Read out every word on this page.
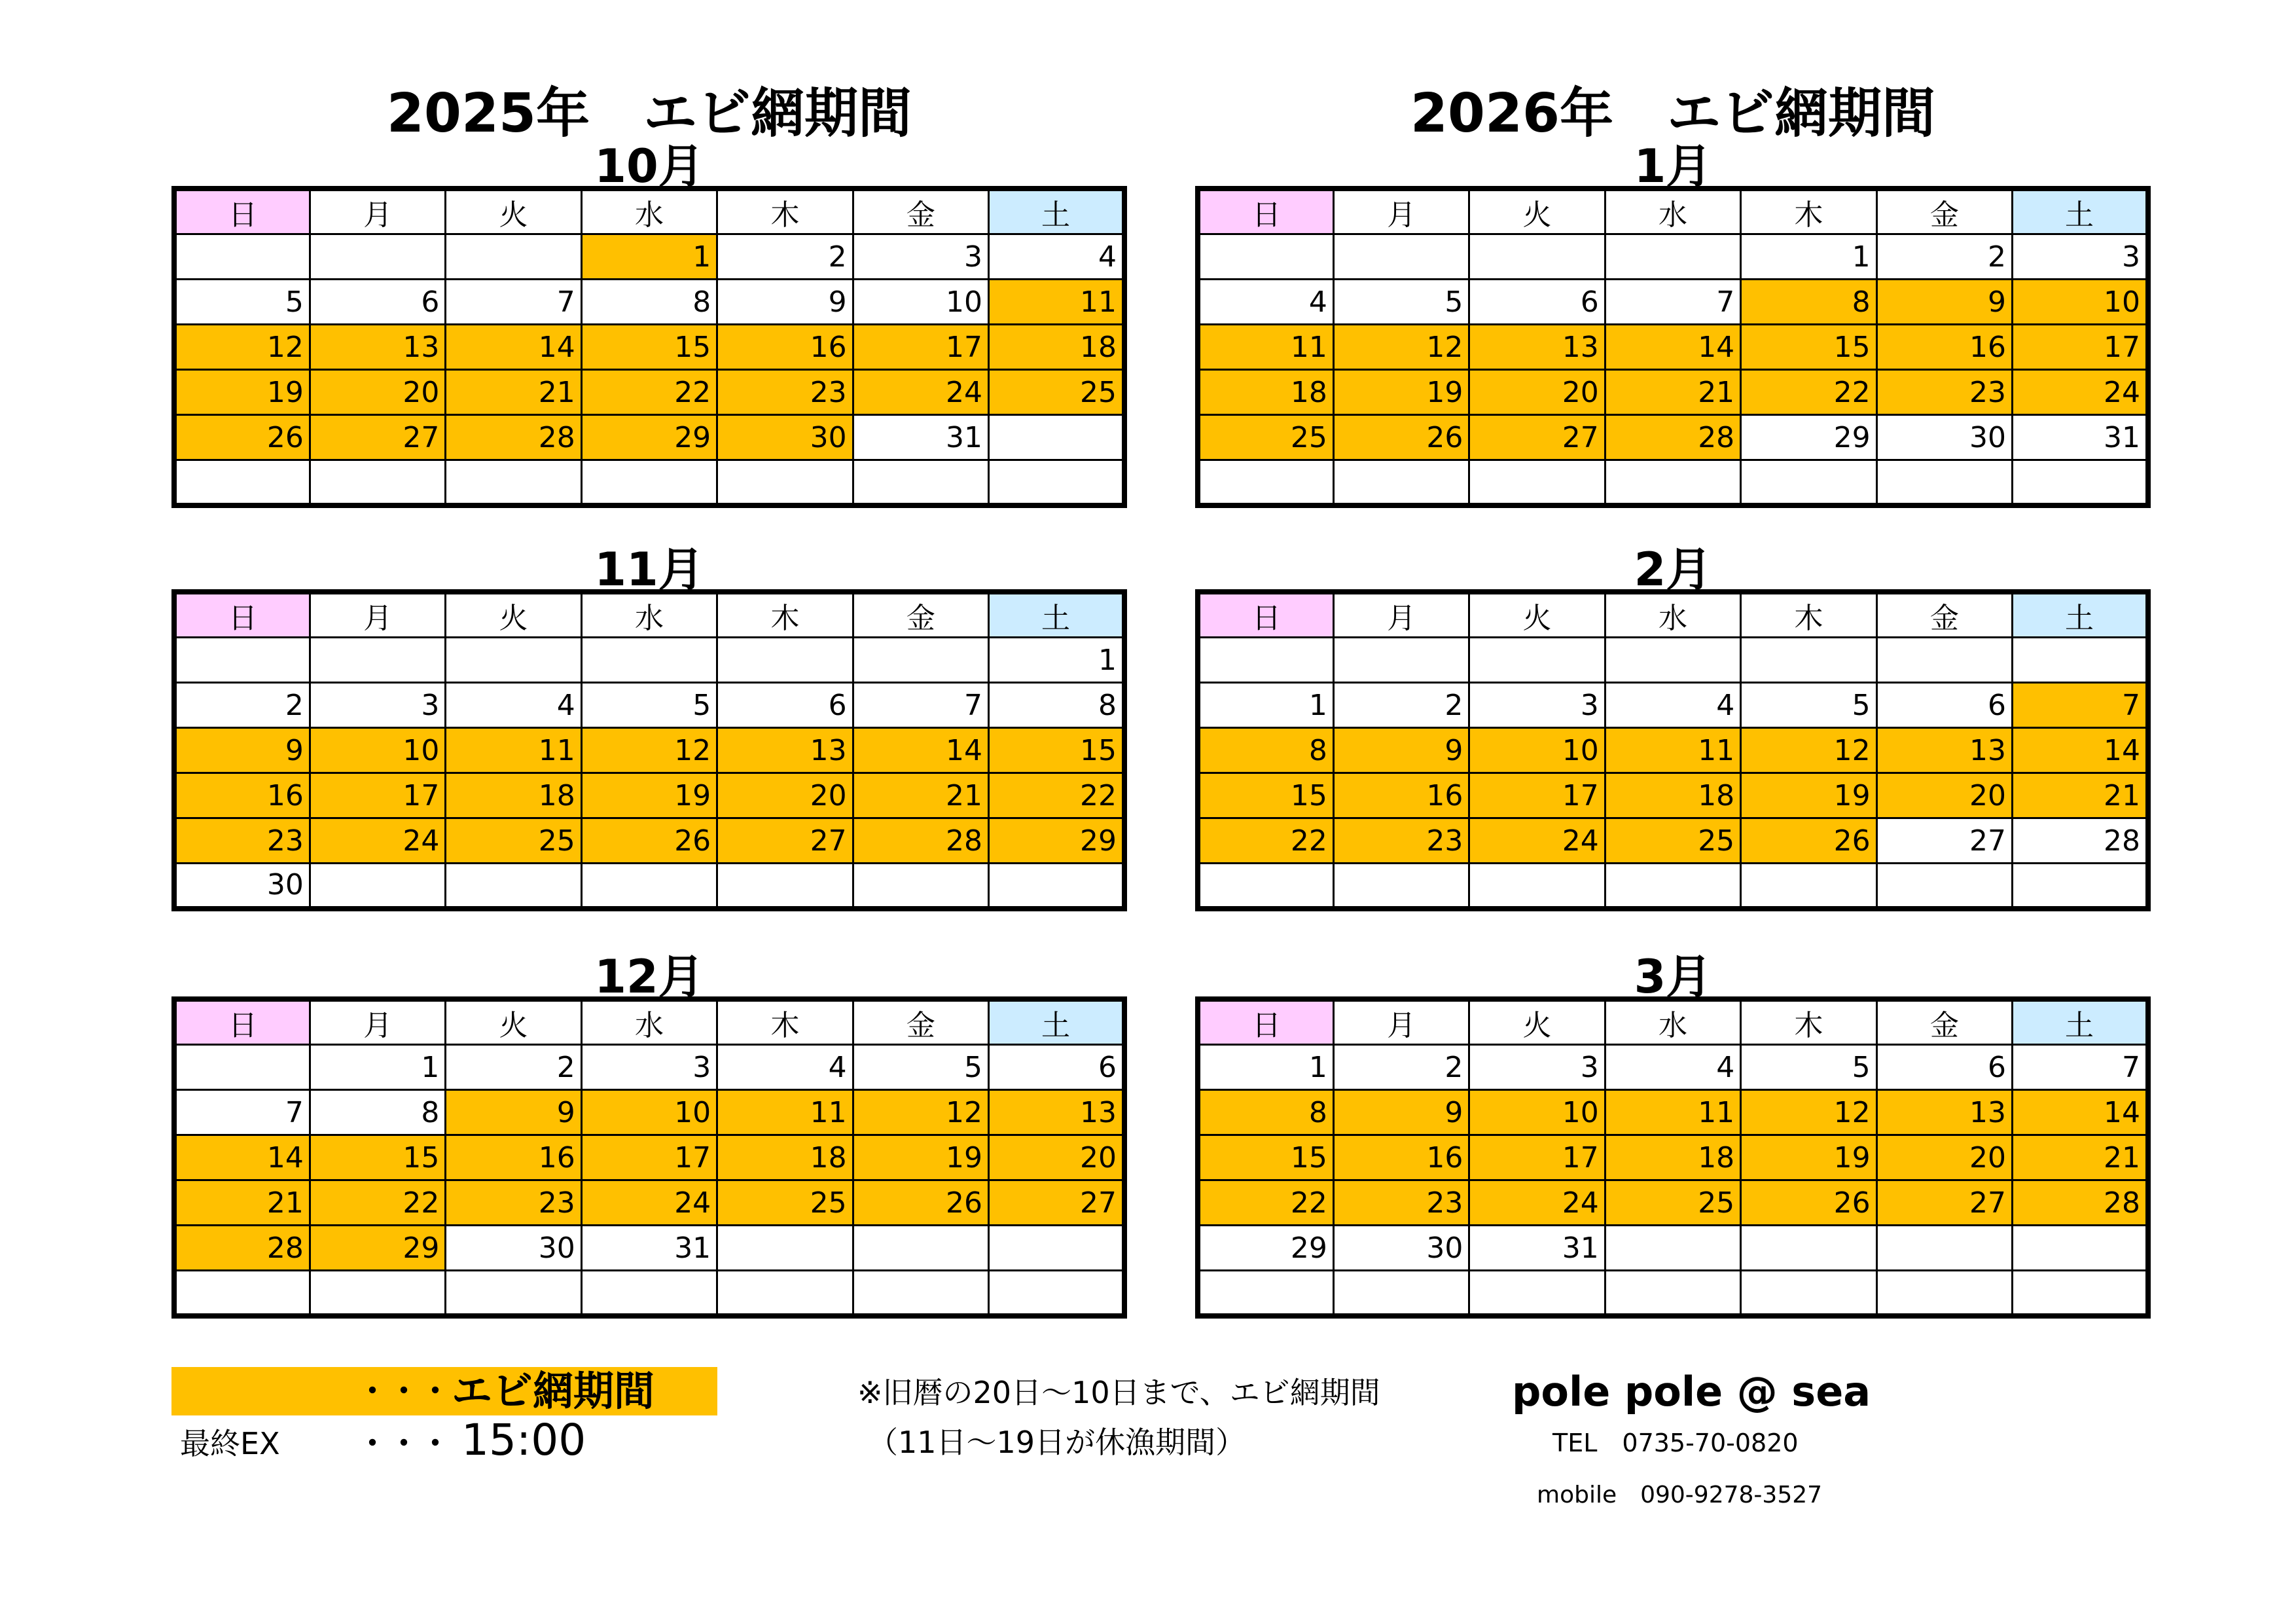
2025年　エビ網期間
10月
日	月	火	水	木	金	土
			1	2	3	4
5	6	7	8	9	10	11
12	13	14	15	16	17	18
19	20	21	22	23	24	25
26	27	28	29	30	31	

11月
日	月	火	水	木	金	土
						1
2	3	4	5	6	7	8
9	10	11	12	13	14	15
16	17	18	19	20	21	22
23	24	25	26	27	28	29
30						
12月
日	月	火	水	木	金	土
	1	2	3	4	5	6
7	8	9	10	11	12	13
14	15	16	17	18	19	20
21	22	23	24	25	26	27
28	29	30	31			

2026年　エビ網期間
1月
日	月	火	水	木	金	土
				1	2	3
4	5	6	7	8	9	10
11	12	13	14	15	16	17
18	19	20	21	22	23	24
25	26	27	28	29	30	31

2月
日	月	火	水	木	金	土

1	2	3	4	5	6	7
8	9	10	11	12	13	14
15	16	17	18	19	20	21
22	23	24	25	26	27	28

3月
日	月	火	水	木	金	土
1	2	3	4	5	6	7
8	9	10	11	12	13	14
15	16	17	18	19	20	21
22	23	24	25	26	27	28
29	30	31				

・・・ エビ網期間
最終EX ・・・ 15:00
※旧暦の20日～10日まで、エビ網期間
（11日～19日が休漁期間）
pole pole @ sea
TEL　0735-70-0820
mobile　090-9278-3527
